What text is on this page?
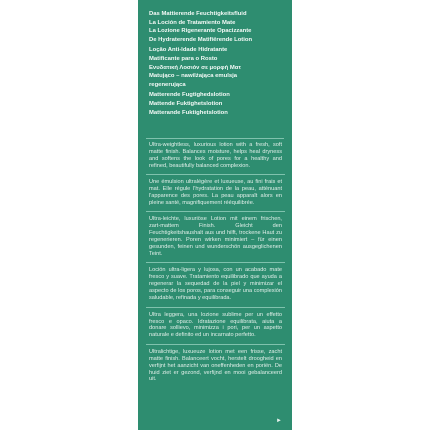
Das Mattierende Feuchtigkeitsfluid

La Loción de Tratamiento Mate

La Lozione Rigenerante Opacizzante

De Hydraterende Matifiërende Lotion

Loção Anti-Idade Hidratante

Matificante para o Rosto

Ενυδατική Λοσιόν σε μορφή Ματ

Matująco – nawilżająca emulsja

regenerująca

Matterende Fugtighedslotion

Mattende Fuktighetslotion

Matterande Fuktighetslotion

Ultra-weightless, luxurious lotion with a fresh, soft matte finish. Balances moisture, helps heal dryness and softens the look of pores for a healthy and refined, beautifully balanced complexion.

Une émulsion ultralégère et luxueuse, au fini frais et mat. Elle régule l'hydratation de la peau, atténuant l'apparence des pores. La peau apparaît alors en pleine santé, magnifiquement rééquilibrée.

Ultra-leichte, luxuriöse Lotion mit einem frischen, zart-mattem Finish. Gleicht den Feuchtigkeitshaushalt aus und hilft, trockene Haut zu regenerieren. Poren wirken minimiert – für einen gesunden, feinen und wunderschön ausgeglichenen Teint.

Loción ultra-ligera y lujosa, con un acabado mate fresco y suave. Tratamiento equilibrado que ayuda a regenerar la sequedad de la piel y minimizar el aspecto de los poros, para conseguir una complexión saludable, refinada y equilibrada.

Ultra leggera, una lozione sublime per un effetto fresco e opaco. Idratazione equilibrata, aiuta a donare sollievo, minimizza i pori, per un aspetto naturale e definito ed un incarnato perfetto.

Ultralichtige, luxueuze lotion met een frisse, zacht matte finish. Balanceert vocht, herstelt droogheid en verfijnt het aanzicht van oneffenheden en poriën. De huid ziet er gezond, verfijnd en mooi gebalanceerd uit.

►
